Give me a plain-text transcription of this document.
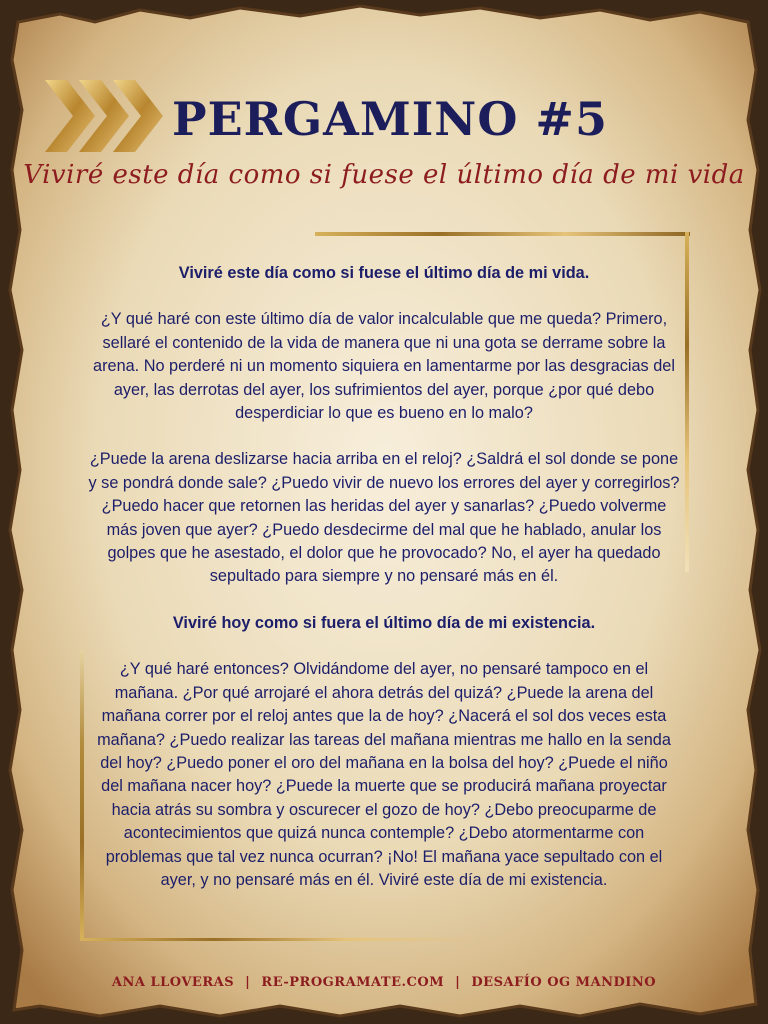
PERGAMINO #5
Viviré este día como si fuese el último día de mi vida

Viviré este día como si fuese el último día de mi vida.

¿Y qué haré con este último día de valor incalculable que me queda? Primero, sellaré el contenido de la vida de manera que ni una gota se derrame sobre la arena. No perderé ni un momento siquiera en lamentarme por las desgracias del ayer, las derrotas del ayer, los sufrimientos del ayer, porque ¿por qué debo desperdiciar lo que es bueno en lo malo?

¿Puede la arena deslizarse hacia arriba en el reloj? ¿Saldrá el sol donde se pone y se pondrá donde sale? ¿Puedo vivir de nuevo los errores del ayer y corregirlos? ¿Puedo hacer que retornen las heridas del ayer y sanarlas? ¿Puedo volverme más joven que ayer? ¿Puedo desdecirme del mal que he hablado, anular los golpes que he asestado, el dolor que he provocado? No, el ayer ha quedado sepultado para siempre y no pensaré más en él.

Viviré hoy como si fuera el último día de mi existencia.

¿Y qué haré entonces? Olvidándome del ayer, no pensaré tampoco en el mañana. ¿Por qué arrojaré el ahora detrás del quizá? ¿Puede la arena del mañana correr por el reloj antes que la de hoy? ¿Nacerá el sol dos veces esta mañana? ¿Puedo realizar las tareas del mañana mientras me hallo en la senda del hoy? ¿Puedo poner el oro del mañana en la bolsa del hoy? ¿Puede el niño del mañana nacer hoy? ¿Puede la muerte que se producirá mañana proyectar hacia atrás su sombra y oscurecer el gozo de hoy? ¿Debo preocuparme de acontecimientos que quizá nunca contemple? ¿Debo atormentarme con problemas que tal vez nunca ocurran? ¡No! El mañana yace sepultado con el ayer, y no pensaré más en él. Viviré este día de mi existencia.

ANA LLOVERAS | RE-PROGRAMATE.COM | DESAFÍO OG MANDINO
